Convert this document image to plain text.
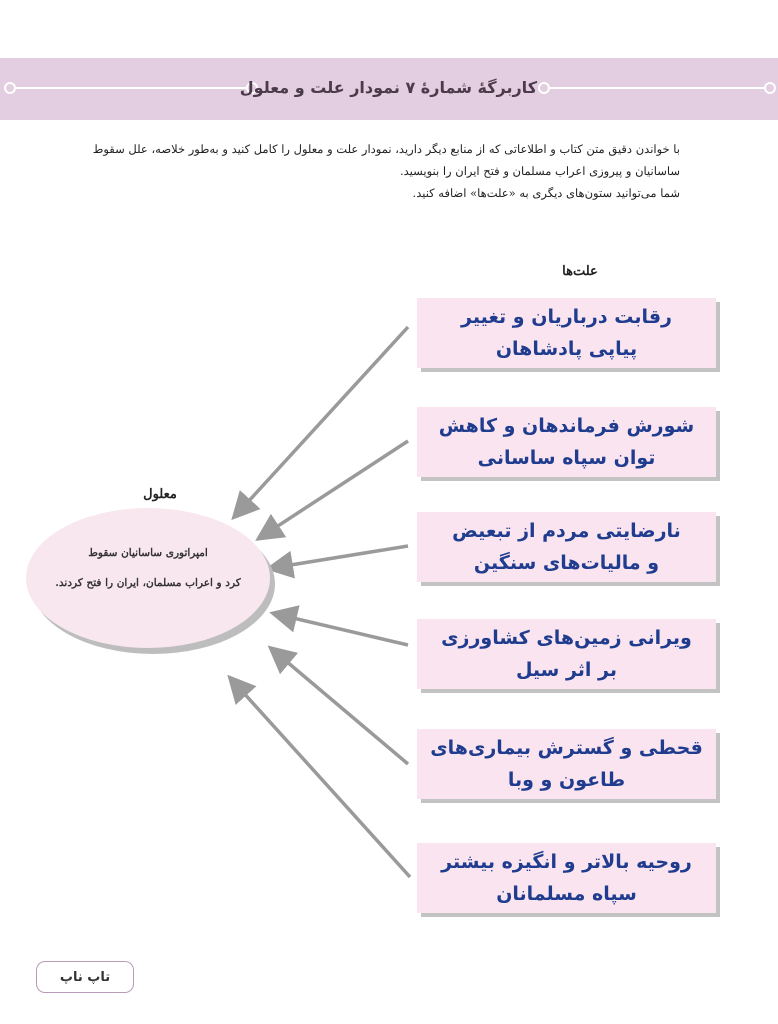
کاربرگهٔ شمارهٔ ۷ نمودار علت و معلول

با خواندن دقیق متن کتاب و اطلاعاتی که از منابع دیگر دارید، نمودار علت و معلول را کامل کنید و به‌طور خلاصه، علل سقوط

ساسانیان و پیروزی اعراب مسلمان و فتح ایران را بنویسید.

شما می‌توانید ستون‌های دیگری به «علت‌ها» اضافه کنید.

علت‌ها
معلول
امپراتوری ساسانیان سقوط
کرد و اعراب مسلمان، ایران را فتح کردند.
رقابت درباریان و تغییر
پیاپی پادشاهان
شورش فرماندهان و کاهش
توان سپاه ساسانی
نارضایتی مردم از تبعیض
و مالیات‌های سنگین
ویرانی زمین‌های کشاورزی
بر اثر سیل
قحطی و گسترش بیماری‌های
طاعون و وبا
روحیه بالاتر و انگیزه بیشتر
سپاه مسلمانان
تاپ ناپ
